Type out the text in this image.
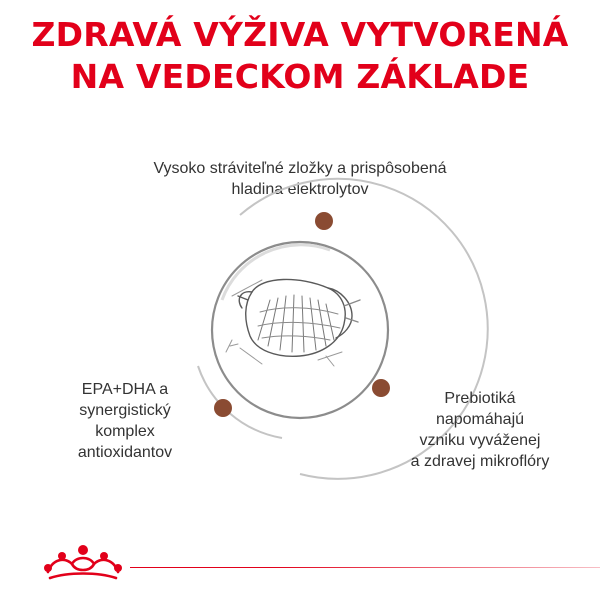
ZDRAVÁ VÝŽIVA VYTVORENÁ
NA VEDECKOM ZÁKLADE

Vysoko stráviteľné zložky a prispôsobená
hladina elektrolytov

EPA+DHA a
synergistický
komplex
antioxidantov

Prebiotiká
napomáhajú
vzniku vyváženej
a zdravej mikroflóry
